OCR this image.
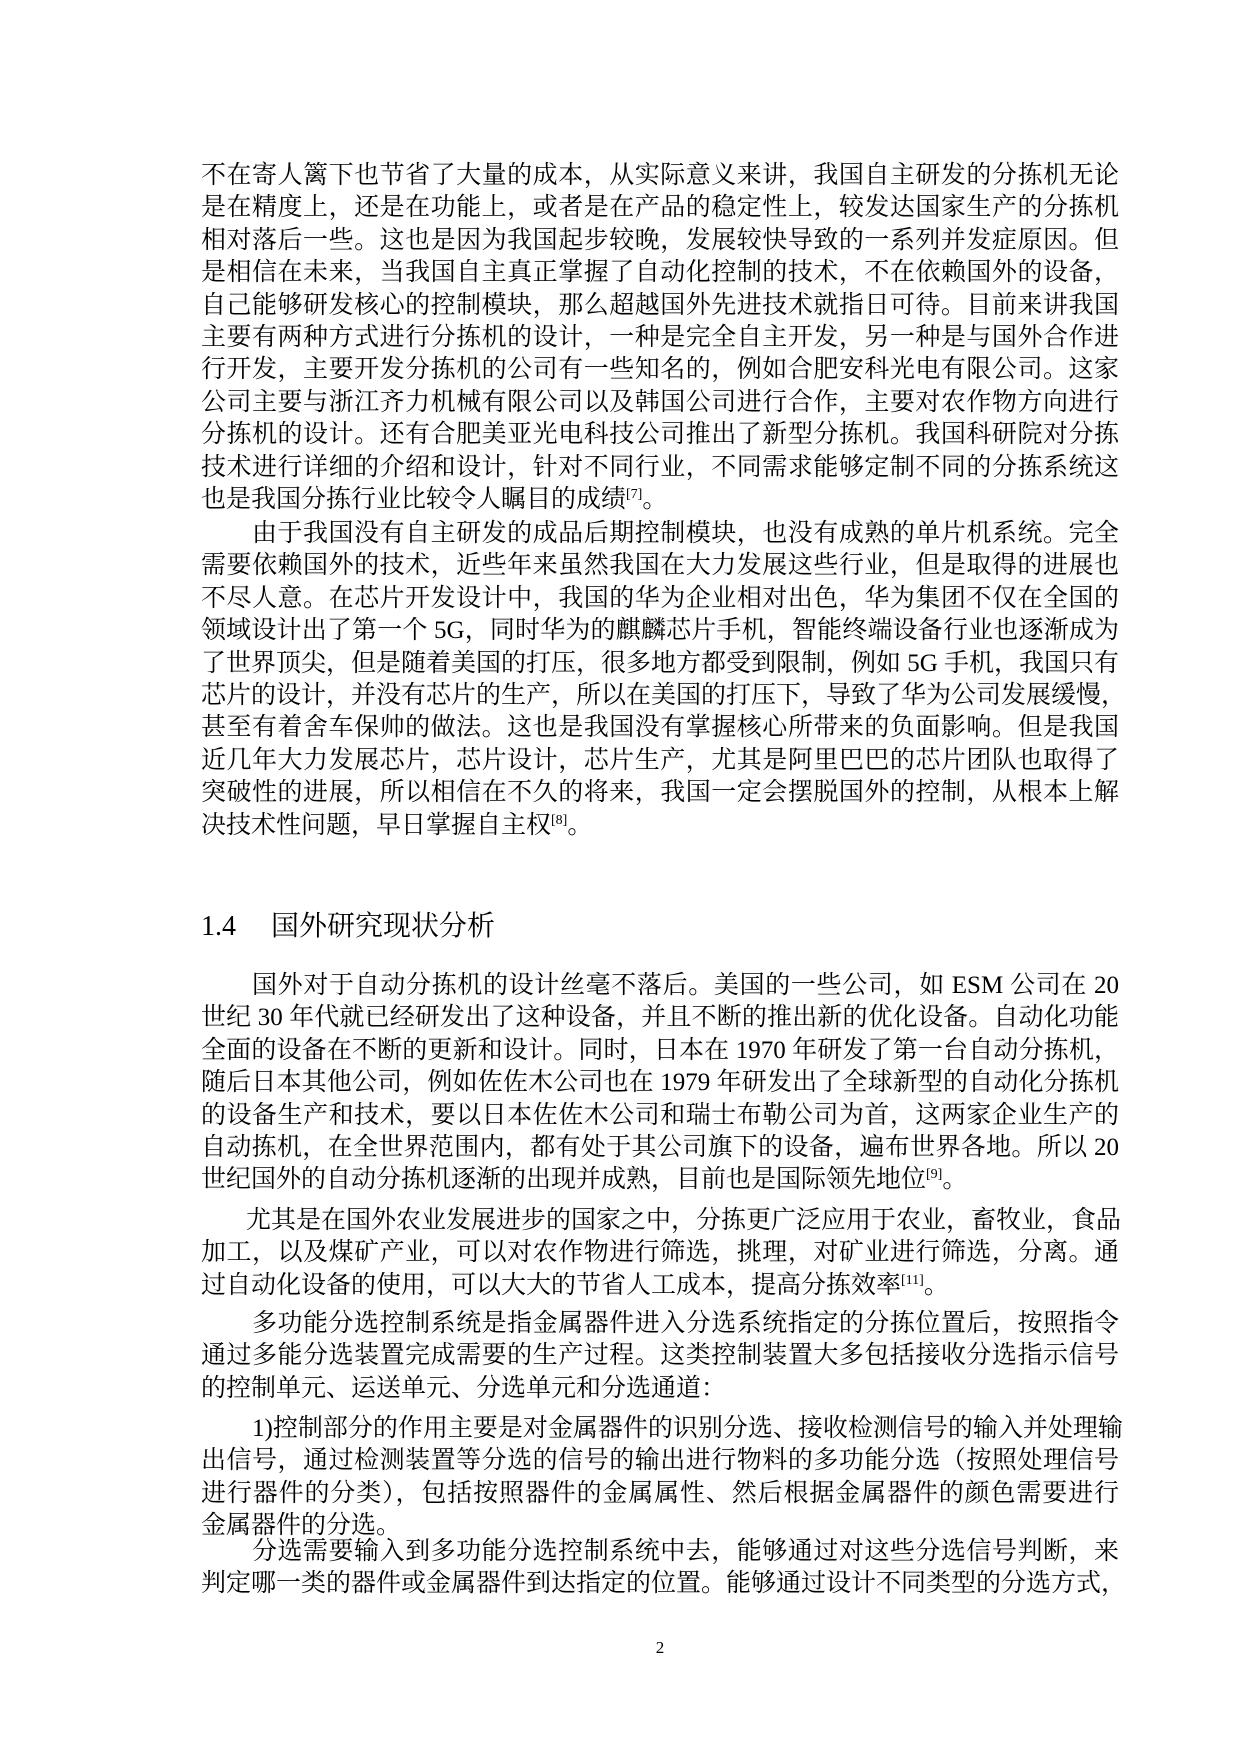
1.4 国外研究现状分析
2
不在寄人篱下也节省了大量的成本，从实际意义来讲，我国自主研发的分拣机无论
是在精度上，还是在功能上，或者是在产品的稳定性上，较发达国家生产的分拣机
相对落后一些。这也是因为我国起步较晚，发展较快导致的一系列并发症原因。但
是相信在未来，当我国自主真正掌握了自动化控制的技术，不在依赖国外的设备，
自己能够研发核心的控制模块，那么超越国外先进技术就指日可待。目前来讲我国
主要有两种方式进行分拣机的设计，一种是完全自主开发，另一种是与国外合作进
行开发，主要开发分拣机的公司有一些知名的，例如合肥安科光电有限公司。这家
公司主要与浙江齐力机械有限公司以及韩国公司进行合作，主要对农作物方向进行
分拣机的设计。还有合肥美亚光电科技公司推出了新型分拣机。我国科研院对分拣
技术进行详细的介绍和设计，针对不同行业，不同需求能够定制不同的分拣系统这
也是我国分拣行业比较令人瞩目的成绩[7]。
由于我国没有自主研发的成品后期控制模块，也没有成熟的单片机系统。完全
需要依赖国外的技术，近些年来虽然我国在大力发展这些行业，但是取得的进展也
不尽人意。在芯片开发设计中，我国的华为企业相对出色，华为集团不仅在全国的
领域设计出了第一个 5G，同时华为的麒麟芯片手机，智能终端设备行业也逐渐成为
了世界顶尖，但是随着美国的打压，很多地方都受到限制，例如 5G 手机，我国只有
芯片的设计，并没有芯片的生产，所以在美国的打压下，导致了华为公司发展缓慢，
甚至有着舍车保帅的做法。这也是我国没有掌握核心所带来的负面影响。但是我国
近几年大力发展芯片，芯片设计，芯片生产，尤其是阿里巴巴的芯片团队也取得了
突破性的进展，所以相信在不久的将来，我国一定会摆脱国外的控制，从根本上解
决技术性问题，早日掌握自主权[8]。
国外对于自动分拣机的设计丝毫不落后。美国的一些公司，如 ESM 公司在 20
世纪 30 年代就已经研发出了这种设备，并且不断的推出新的优化设备。自动化功能
全面的设备在不断的更新和设计。同时，日本在 1970 年研发了第一台自动分拣机，
随后日本其他公司，例如佐佐木公司也在 1979 年研发出了全球新型的自动化分拣机
的设备生产和技术，要以日本佐佐木公司和瑞士布勒公司为首，这两家企业生产的
自动拣机，在全世界范围内，都有处于其公司旗下的设备，遍布世界各地。所以 20
世纪国外的自动分拣机逐渐的出现并成熟，目前也是国际领先地位[9]。
尤其是在国外农业发展进步的国家之中，分拣更广泛应用于农业，畜牧业，食品
加工，以及煤矿产业，可以对农作物进行筛选，挑理，对矿业进行筛选，分离。通
过自动化设备的使用，可以大大的节省人工成本，提高分拣效率[11]。
多功能分选控制系统是指金属器件进入分选系统指定的分拣位置后，按照指令
通过多能分选装置完成需要的生产过程。这类控制装置大多包括接收分选指示信号
的控制单元、运送单元、分选单元和分选通道：
1)控制部分的作用主要是对金属器件的识别分选、接收检测信号的输入并处理输
出信号，通过检测装置等分选的信号的输出进行物料的多功能分选（按照处理信号
进行器件的分类），包括按照器件的金属属性、然后根据金属器件的颜色需要进行
金属器件的分选。
分选需要输入到多功能分选控制系统中去，能够通过对这些分选信号判断，来
判定哪一类的器件或金属器件到达指定的位置。能够通过设计不同类型的分选方式，
